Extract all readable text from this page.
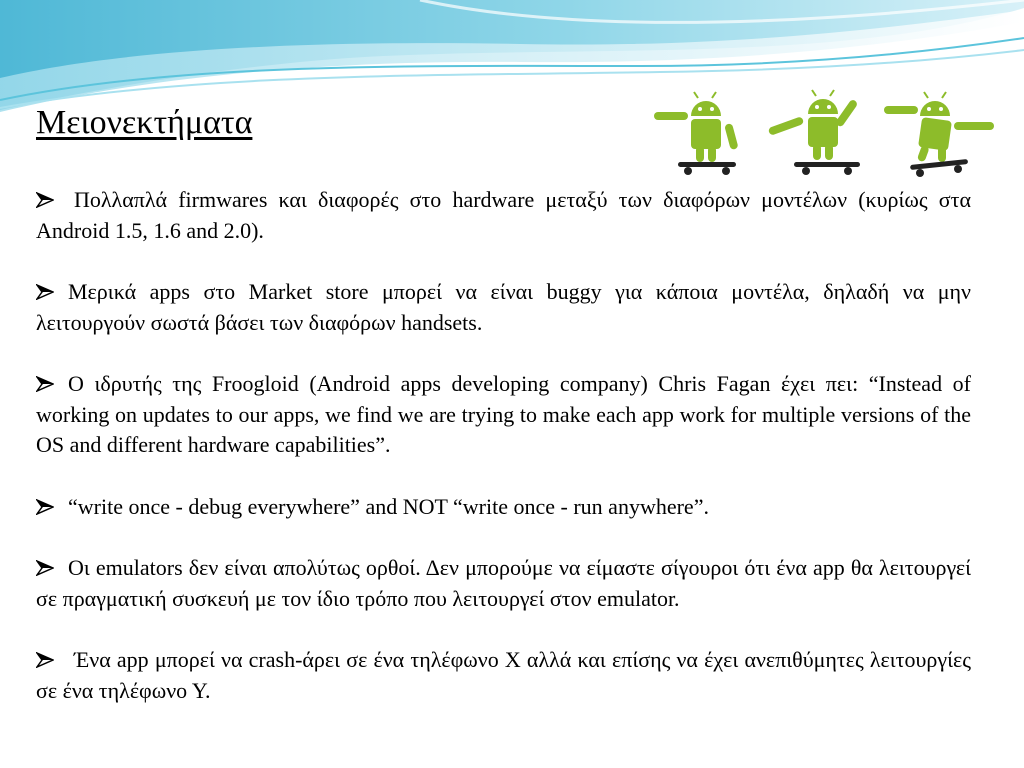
Μειονεκτήματα

Πολλαπλά firmwares και διαφορές στο hardware μεταξύ των διαφόρων μοντέλων (κυρίως στα Android 1.5, 1.6 and 2.0).

Μερικά apps στο Market store μπορεί να είναι buggy για κάποια μοντέλα, δηλαδή να μην λειτουργούν σωστά βάσει των διαφόρων handsets.

Ο ιδρυτής της Froogloid (Android apps developing company) Chris Fagan έχει πει: “Instead of working on updates to our apps, we find we are trying to make each app work for multiple versions of the OS and different hardware capabilities”.

“write once - debug everywhere” and NOT “write once - run anywhere”.

Οι emulators δεν είναι απολύτως ορθοί. Δεν μπορούμε να είμαστε σίγουροι ότι ένα app θα λειτουργεί σε πραγματική συσκευή με τον ίδιο τρόπο που λειτουργεί στον emulator.

Ένα app μπορεί να crash-άρει σε ένα τηλέφωνο Χ αλλά και επίσης να έχει ανεπιθύμητες λειτουργίες σε ένα τηλέφωνο Υ.
